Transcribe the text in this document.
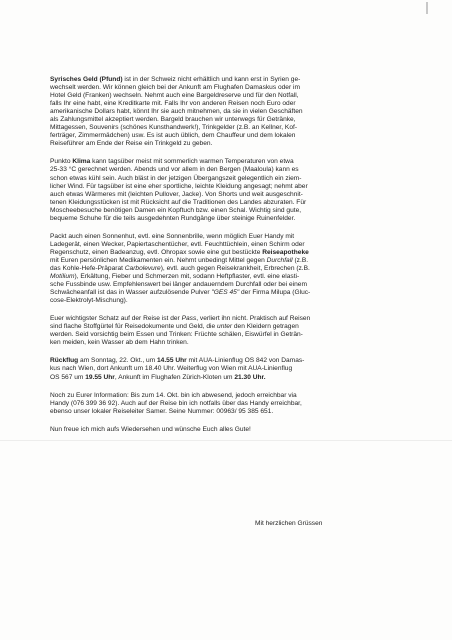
Syrisches Geld (Pfund) ist in der Schweiz nicht erhältlich und kann erst in Syrien ge-
wechselt werden. Wir können gleich bei der Ankunft am Flughafen Damaskus oder im
Hotel Geld (Franken) wechseln. Nehmt auch eine Bargeldreserve und für den Notfall,
falls Ihr eine habt, eine Kreditkarte mit. Falls Ihr von anderen Reisen noch Euro oder
amerikanische Dollars habt, könnt Ihr sie auch mitnehmen, da sie in vielen Geschäften
als Zahlungsmittel akzeptiert werden. Bargeld brauchen wir unterwegs für Getränke,
Mittagessen, Souvenirs (schönes Kunsthandwerk!), Trinkgelder (z.B. an Kellner, Kof-
ferträger, Zimmermädchen) usw. Es ist auch üblich, dem Chauffeur und dem lokalen
Reiseführer am Ende der Reise ein Trinkgeld zu geben.
Punkto Klima kann tagsüber meist mit sommerlich warmen Temperaturen von etwa
25-33 °C gerechnet werden. Abends und vor allem in den Bergen (Maaloula) kann es
schon etwas kühl sein. Auch bläst in der jetzigen Übergangszeit gelegentlich ein ziem-
licher Wind. Für tagsüber ist eine eher sportliche, leichte Kleidung angesagt; nehmt aber
auch etwas Wärmeres mit (leichten Pullover, Jacke). Von Shorts und weit ausgeschnit-
tenen Kleidungsstücken ist mit Rücksicht auf die Traditionen des Landes abzuraten. Für
Moscheebesuche benötigen Damen ein Kopftuch bzw. einen Schal. Wichtig sind gute,
bequeme Schuhe für die teils ausgedehnten Rundgänge über steinige Ruinenfelder.
Packt auch einen Sonnenhut, evtl. eine Sonnenbrille, wenn möglich Euer Handy mit
Ladegerät, einen Wecker, Papiertaschentücher, evtl. Feuchttüchlein, einen Schirm oder
Regenschutz, einen Badeanzug, evtl. Ohropax sowie eine gut bestückte Reiseapotheke
mit Euren persönlichen Medikamenten ein. Nehmt unbedingt Mittel gegen Durchfall (z.B.
das Kohle-Hefe-Präparat Carbolevure), evtl. auch gegen Reisekrankheit, Erbrechen (z.B.
Motilium), Erkältung, Fieber und Schmerzen mit, sodann Heftpflaster, evtl. eine elasti-
sche Fussbinde usw. Empfehlenswert bei länger andauerndem Durchfall oder bei einem
Schwächeanfall ist das in Wasser aufzulösende Pulver "GES 45" der Firma Milupa (Gluc-
cose-Elektrolyt-Mischung).
Euer wichtigster Schatz auf der Reise ist der Pass, verliert ihn nicht. Praktisch auf Reisen
sind flache Stoffgürtel für Reisedokumente und Geld, die unter den Kleidern getragen
werden. Seid vorsichtig beim Essen und Trinken: Früchte schälen, Eiswürfel in Geträn-
ken meiden, kein Wasser ab dem Hahn trinken.
Rückflug am Sonntag, 22. Okt., um 14.55 Uhr mit AUA-Linienflug OS 842 von Damas-
kus nach Wien, dort Ankunft um 18.40 Uhr. Weiterflug von Wien mit AUA-Linienflug
OS 567 um 19.55 Uhr, Ankunft im Flughafen Zürich-Kloten um 21.30 Uhr.
Noch zu Eurer Information: Bis zum 14. Okt. bin ich abwesend, jedoch erreichbar via
Handy (076 399 36 92). Auch auf der Reise bin ich notfalls über das Handy erreichbar,
ebenso unser lokaler Reiseleiter Samer. Seine Nummer: 00963/ 95 385 651.
Nun freue ich mich aufs Wiedersehen und wünsche Euch alles Gute!
Mit herzlichen Grüssen
